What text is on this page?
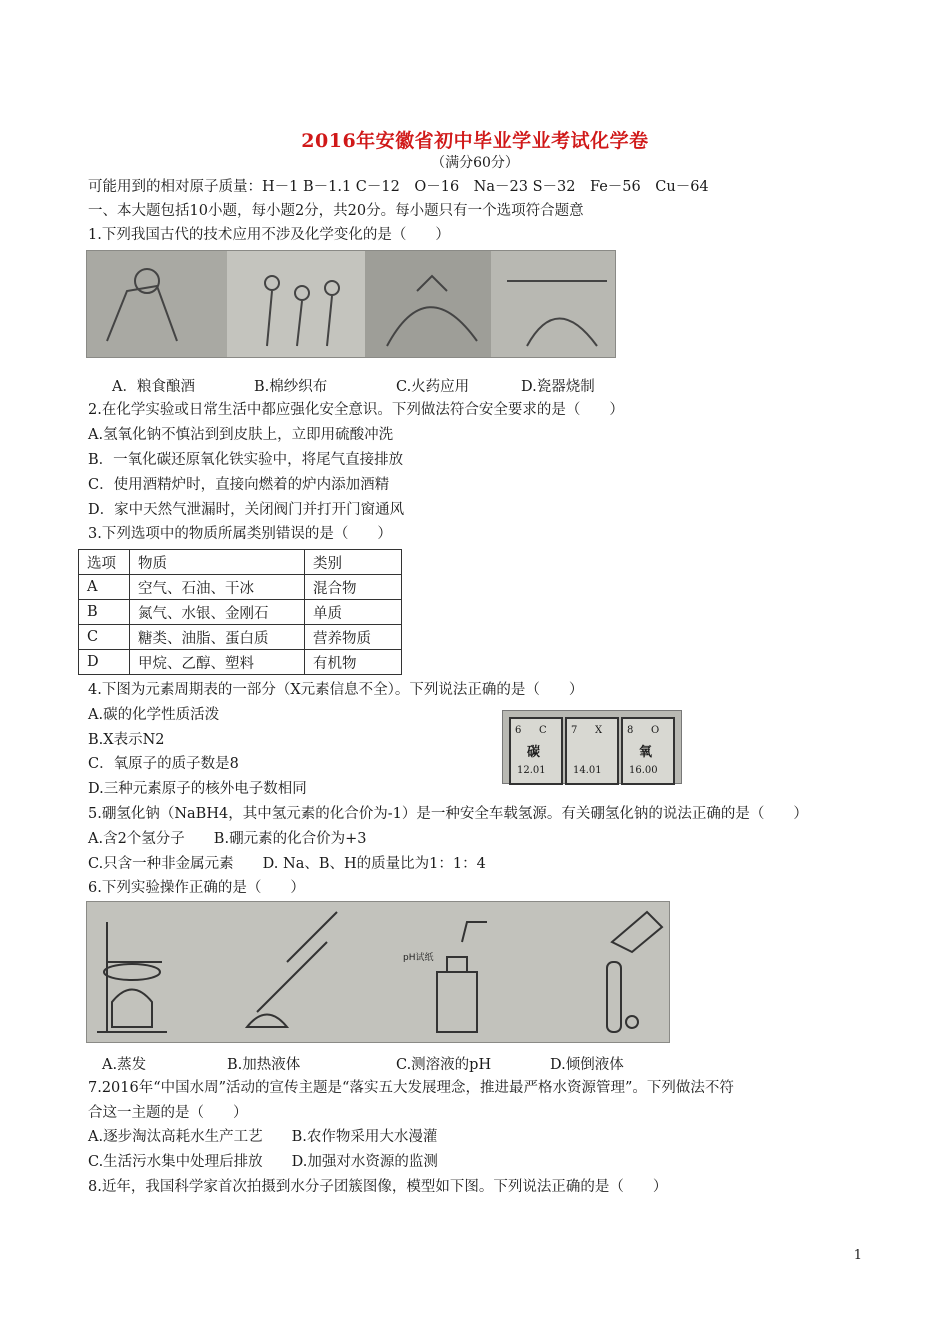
2016年安徽省初中毕业学业考试化学卷
（满分60分）
可能用到的相对原子质量：H－1 B－1.1 C－12　O－16　Na－23 S－32　Fe－56　Cu－64
一、本大题包括10小题，每小题2分，共20分。每小题只有一个选项符合题意
1.下列我国古代的技术应用不涉及化学变化的是（　　）
A．粮食酿酒	B.棉纱织布	C.火药应用	D.瓷器烧制
2.在化学实验或日常生活中都应强化安全意识。下列做法符合安全要求的是（　　）
A.氢氧化钠不慎沾到到皮肤上，立即用硫酸冲洗
B．一氧化碳还原氧化铁实验中，将尾气直接排放
C．使用酒精炉时，直接向燃着的炉内添加酒精
D．家中天然气泄漏时，关闭阀门并打开门窗通风
3.下列选项中的物质所属类别错误的是（　　）
选项	物质	类别
A	空气、石油、干冰	混合物
B	氮气、水银、金刚石	单质
C	糖类、油脂、蛋白质	营养物质
D	甲烷、乙醇、塑料	有机物
4.下图为元素周期表的一部分（X元素信息不全）。下列说法正确的是（　　）
A.碳的化学性质活泼
B.X表示N2
C．氧原子的质子数是8
D.三种元素原子的核外电子数相同
6 C
碳
12.01
7 X
14.01
8 O
氧
16.00
5.硼氢化钠（NaBH4，其中氢元素的化合价为-1）是一种安全车载氢源。有关硼氢化钠的说法正确的是（　　）
A.含2个氢分子　　B.硼元素的化合价为+3
C.只含一种非金属元素　　D. Na、B、H的质量比为1：1：4
6.下列实验操作正确的是（　　）
pH试纸
A.蒸发	B.加热液体	C.测溶液的pH	D.倾倒液体
7.2016年“中国水周”活动的宣传主题是“落实五大发展理念，推进最严格水资源管理”。下列做法不符
合这一主题的是（　　）
A.逐步淘汰高耗水生产工艺　　B.农作物采用大水漫灌
C.生活污水集中处理后排放　　D.加强对水资源的监测
8.近年，我国科学家首次拍摄到水分子团簇图像，模型如下图。下列说法正确的是（　　）
1
